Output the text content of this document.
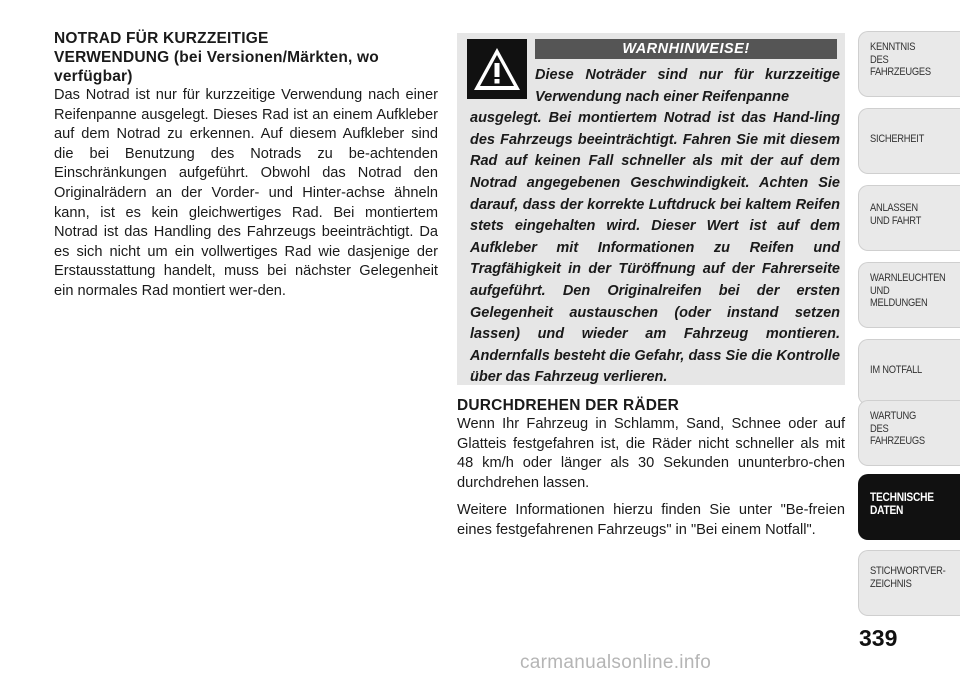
NOTRAD FÜR KURZZEITIGE
VERWENDUNG (bei Versionen/Märkten, wo verfügbar)

Das Notrad ist nur für kurzzeitige Verwendung nach einer Reifenpanne ausgelegt. Dieses Rad ist an einem Aufkleber auf dem Notrad zu erkennen. Auf diesem Aufkleber sind die bei Benutzung des Notrads zu be-achtenden Einschränkungen aufgeführt. Obwohl das Notrad den Originalrädern an der Vorder- und Hinter-achse ähneln kann, ist es kein gleichwertiges Rad. Bei montiertem Notrad ist das Handling des Fahrzeugs beeinträchtigt. Da es sich nicht um ein vollwertiges Rad wie dasjenige der Erstausstattung handelt, muss bei nächster Gelegenheit ein normales Rad montiert wer-den.

WARNHINWEISE!
Diese Noträder sind nur für kurzzeitige Verwendung nach einer Reifenpanne
ausgelegt. Bei montiertem Notrad ist das Hand-ling des Fahrzeugs beeinträchtigt. Fahren Sie mit diesem Rad auf keinen Fall schneller als mit der auf dem Notrad angegebenen Geschwindigkeit. Achten Sie darauf, dass der korrekte Luftdruck bei kaltem Reifen stets eingehalten wird. Dieser Wert ist auf dem Aufkleber mit Informationen zu Reifen und Tragfähigkeit in der Türöffnung auf der Fahrerseite aufgeführt. Den Originalreifen bei der ersten Gelegenheit austauschen (oder instand setzen lassen) und wieder am Fahrzeug montieren. Andernfalls besteht die Gefahr, dass Sie die Kontrolle über das Fahrzeug verlieren.
DURCHDREHEN DER RÄDER

Wenn Ihr Fahrzeug in Schlamm, Sand, Schnee oder auf Glatteis festgefahren ist, die Räder nicht schneller als mit 48 km/h oder länger als 30 Sekunden ununterbro-chen durchdrehen lassen.

Weitere Informationen hierzu finden Sie unter "Be-freien eines festgefahrenen Fahrzeugs" in "Bei einem Notfall".

KENNTNIS
DES
FAHRZEUGES
SICHERHEIT
ANLASSEN
UND FAHRT
WARNLEUCHTEN
UND
MELDUNGEN
IM NOTFALL
WARTUNG
DES
FAHRZEUGS
TECHNISCHE
DATEN
STICHWORTVER-
ZEICHNIS
339
carmanualsonline.info
